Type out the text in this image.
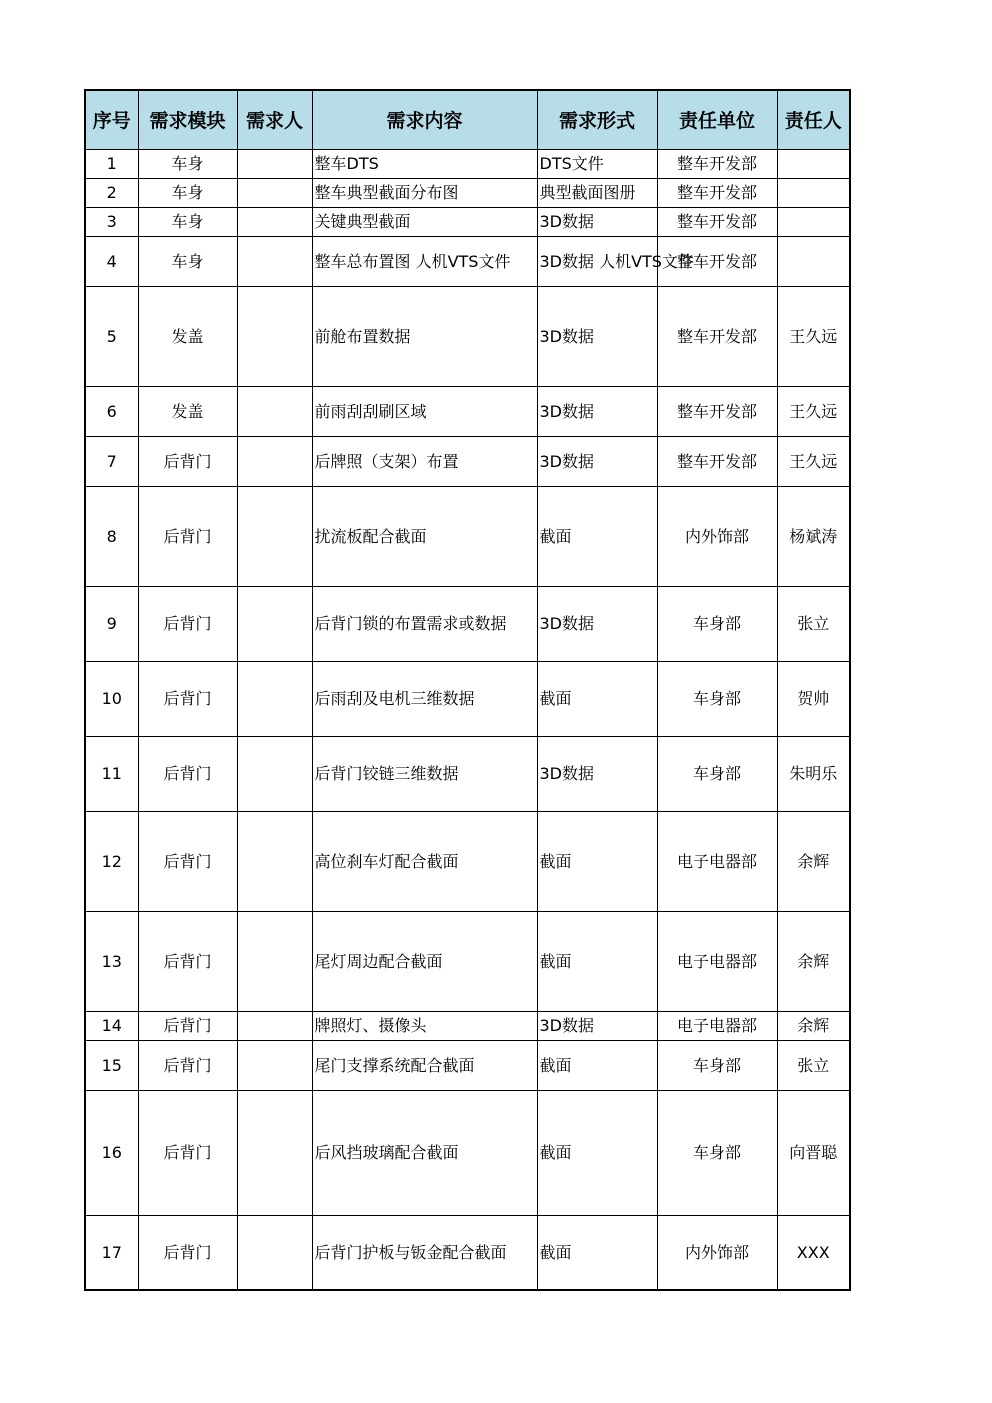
序号	需求模块	需求人	需求内容	需求形式	责任单位	责任人
1	车身		整车DTS	DTS文件	整车开发部	
2	车身		整车典型截面分布图	典型截面图册	整车开发部	
3	车身		关键典型截面	3D数据	整车开发部	
4	车身		整车总布置图 人机VTS文件	3D数据 人机VTS文件	整车开发部	
5	发盖		前舱布置数据	3D数据	整车开发部	王久远
6	发盖		前雨刮刮刷区域	3D数据	整车开发部	王久远
7	后背门		后牌照（支架）布置	3D数据	整车开发部	王久远
8	后背门		扰流板配合截面	截面	内外饰部	杨斌涛
9	后背门		后背门锁的布置需求或数据	3D数据	车身部	张立
10	后背门		后雨刮及电机三维数据	截面	车身部	贺帅
11	后背门		后背门铰链三维数据	3D数据	车身部	朱明乐
12	后背门		高位刹车灯配合截面	截面	电子电器部	余辉
13	后背门		尾灯周边配合截面	截面	电子电器部	余辉
14	后背门		牌照灯、摄像头	3D数据	电子电器部	余辉
15	后背门		尾门支撑系统配合截面	截面	车身部	张立
16	后背门		后风挡玻璃配合截面	截面	车身部	向晋聪
17	后背门		后背门护板与钣金配合截面	截面	内外饰部	XXX
